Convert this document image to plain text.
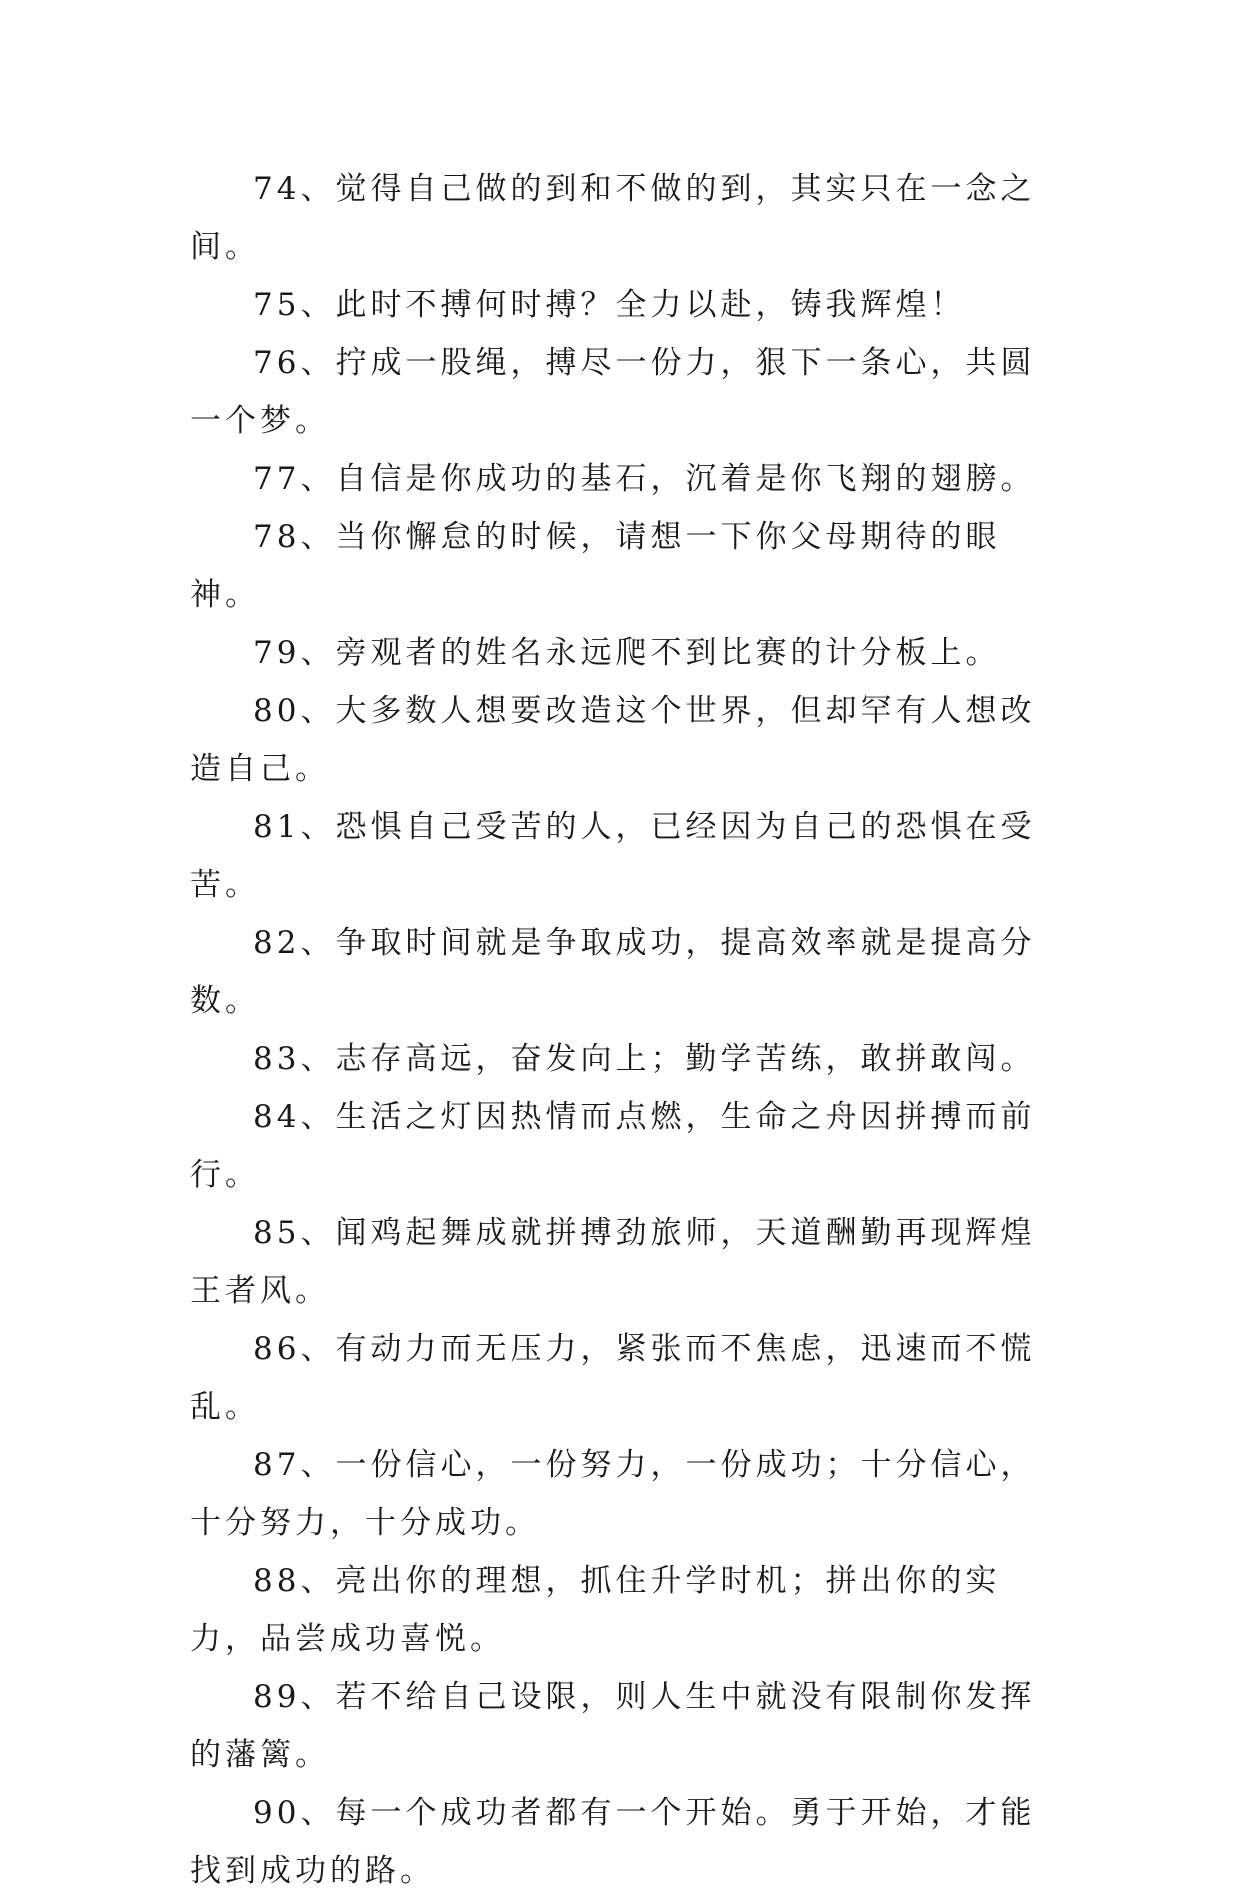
74、觉得自己做的到和不做的到，其实只在一念之间。

75、此时不搏何时搏？全力以赴，铸我辉煌！

76、拧成一股绳，搏尽一份力，狠下一条心，共圆一个梦。

77、自信是你成功的基石，沉着是你飞翔的翅膀。

78、当你懈怠的时候，请想一下你父母期待的眼神。

79、旁观者的姓名永远爬不到比赛的计分板上。

80、大多数人想要改造这个世界，但却罕有人想改造自己。

81、恐惧自己受苦的人，已经因为自己的恐惧在受苦。

82、争取时间就是争取成功，提高效率就是提高分数。

83、志存高远，奋发向上；勤学苦练，敢拼敢闯。

84、生活之灯因热情而点燃，生命之舟因拼搏而前行。

85、闻鸡起舞成就拼搏劲旅师，天道酬勤再现辉煌王者风。

86、有动力而无压力，紧张而不焦虑，迅速而不慌乱。

87、一份信心，一份努力，一份成功；十分信心，十分努力，十分成功。

88、亮出你的理想，抓住升学时机；拼出你的实力，品尝成功喜悦。

89、若不给自己设限，则人生中就没有限制你发挥的藩篱。

90、每一个成功者都有一个开始。勇于开始，才能找到成功的路。
